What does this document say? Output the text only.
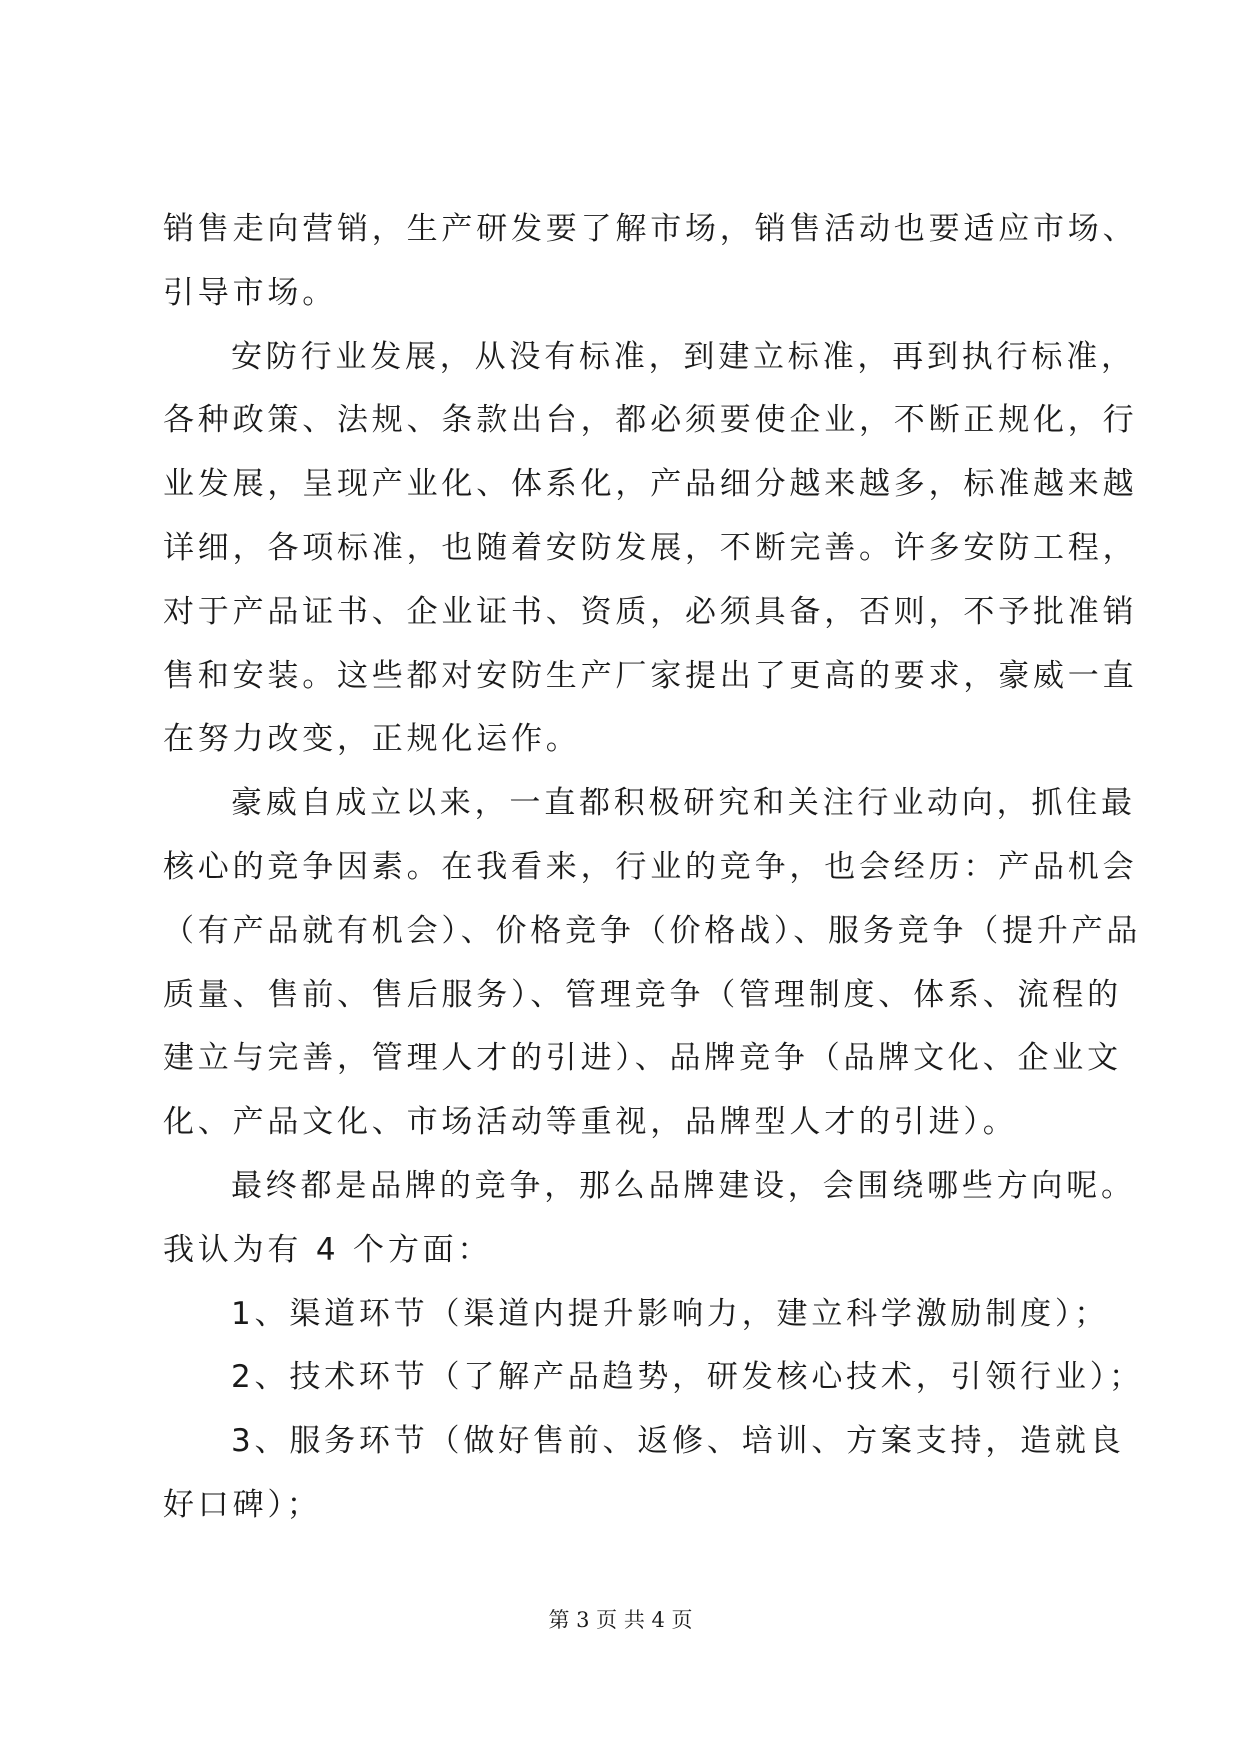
销售走向营销，生产研发要了解市场，销售活动也要适应市场、
引导市场。
安防行业发展，从没有标准，到建立标准，再到执行标准，
各种政策、法规、条款出台，都必须要使企业，不断正规化，行
业发展，呈现产业化、体系化，产品细分越来越多，标准越来越
详细，各项标准，也随着安防发展，不断完善。许多安防工程，
对于产品证书、企业证书、资质，必须具备，否则，不予批准销
售和安装。这些都对安防生产厂家提出了更高的要求，豪威一直
在努力改变，正规化运作。
豪威自成立以来，一直都积极研究和关注行业动向，抓住最
核心的竞争因素。在我看来，行业的竞争，也会经历：产品机会
（有产品就有机会）、价格竞争（价格战）、服务竞争（提升产品
质量、售前、售后服务）、管理竞争（管理制度、体系、流程的
建立与完善，管理人才的引进）、品牌竞争（品牌文化、企业文
化、产品文化、市场活动等重视，品牌型人才的引进）。
最终都是品牌的竞争，那么品牌建设，会围绕哪些方向呢。
我认为有 4 个方面：
1、渠道环节（渠道内提升影响力，建立科学激励制度）；
2、技术环节（了解产品趋势，研发核心技术，引领行业）；
3、服务环节（做好售前、返修、培训、方案支持，造就良
好口碑）；
第 3 页 共 4 页
